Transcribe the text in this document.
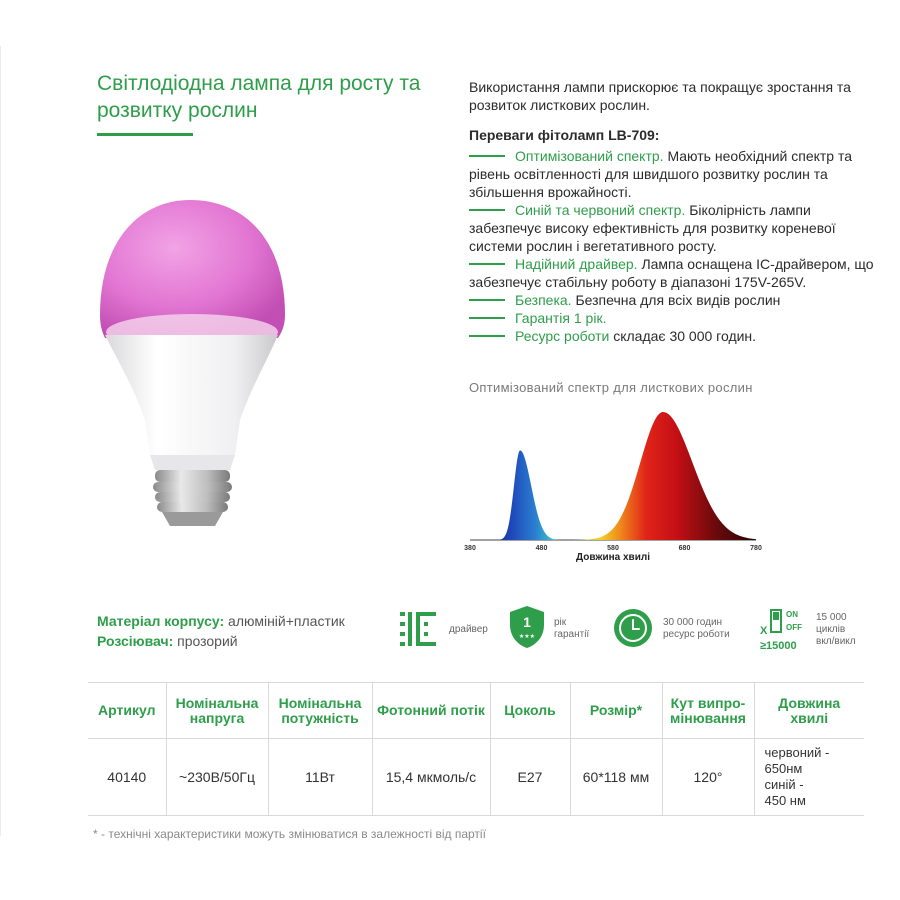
Світлодіодна лампа для росту та розвитку рослин
Використання лампи прискорює та покращує зростання та розвиток листкових рослин.
Переваги фітоламп LB-709:
Оптимізований спектр. Мають необхідний спектр та рівень освітленності для швидшого розвитку рослин та збільшення врожайності.
Синій та червоний спектр. Біколірність лампи забезпечує високу ефективність для розвитку кореневої системи рослин і вегетативного росту.
Надійний драйвер. Лампа оснащена IC-драйвером, що забезпечує стабільну роботу в діапазоні 175V-265V.
Безпека. Безпечна для всіх видів рослин
Гарантія 1 рік.
Ресурс роботи складає 30 000 годин.
Оптимізований спектр для листкових рослин
380	480	580	680	780
Довжина хвилі
Матеріал корпусу: алюміній+пластик
Розсіювач: прозорий
IC
драйвер	1
★★★
рік
гарантії
30 000 годин
ресурс роботи
ON
OFF
X
≥15000
15 000
циклів
вкл/викл
Артикул	Номінальна напруга	Номінальна потужність	Фотонний потік	Цоколь	Розмір*	Кут випро-мінювання	Довжина хвилі
40140	~230В/50Гц	11Вт	15,4 мкмоль/с	E27	60*118 мм	120°	червоний -
650нм
синій -
450 нм
* - технічні характеристики можуть змінюватися в залежності від партії
